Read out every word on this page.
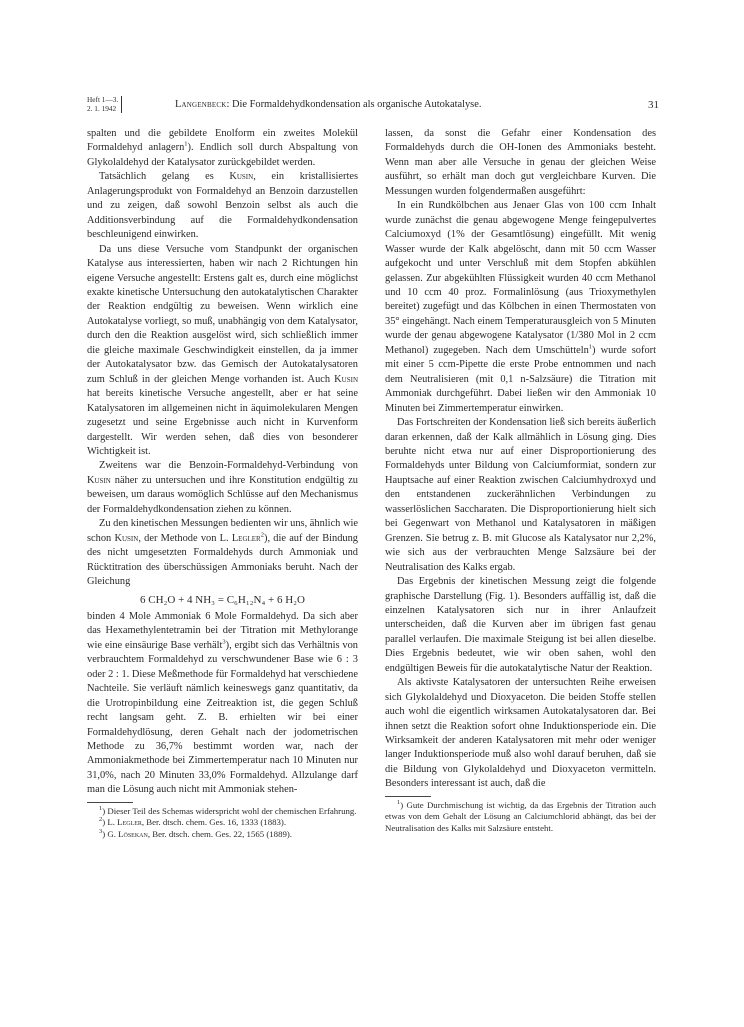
Heft 1—3.
2. 1. 1942	Langenbeck: Die Formaldehydkondensation als organische Autokatalyse.	31

spalten und die gebildete Enolform ein zweites Molekül Formaldehyd anlagern$^1$). Endlich soll durch Abspaltung von Glykolaldehyd der Katalysator zurückgebildet werden.

Tatsächlich gelang es Kusin, ein kristallisiertes Anlagerungsprodukt von Formaldehyd an Benzoin darzustellen und zu zeigen, daß sowohl Benzoin selbst als auch die Additionsverbindung auf die Formaldehydkondensation beschleunigend einwirken.

Da uns diese Versuche vom Standpunkt der organischen Katalyse aus interessierten, haben wir nach 2 Richtungen hin eigene Versuche angestellt: Erstens galt es, durch eine möglichst exakte kinetische Untersuchung den autokatalytischen Charakter der Reaktion endgültig zu beweisen. Wenn wirklich eine Autokatalyse vorliegt, so muß, unabhängig von dem Katalysator, durch den die Reaktion ausgelöst wird, sich schließlich immer die gleiche maximale Geschwindigkeit einstellen, da ja immer der Autokatalysator bzw. das Gemisch der Autokatalysatoren zum Schluß in der gleichen Menge vorhanden ist. Auch Kusin hat bereits kinetische Versuche angestellt, aber er hat seine Katalysatoren im allgemeinen nicht in äquimolekularen Mengen zugesetzt und seine Ergebnisse auch nicht in Kurvenform dargestellt. Wir werden sehen, daß dies von besonderer Wichtigkeit ist.

Zweitens war die Benzoin-Formaldehyd-Verbindung von Kusin näher zu untersuchen und ihre Konstitution endgültig zu beweisen, um daraus womöglich Schlüsse auf den Mechanismus der Formaldehydkondensation ziehen zu können.

Zu den kinetischen Messungen bedienten wir uns, ähnlich wie schon Kusin, der Methode von L. Legler$^2$), die auf der Bindung des nicht umgesetzten Formaldehyds durch Ammoniak und Rücktitration des überschüssigen Ammoniaks beruht. Nach der Gleichung

6 CH₂O + 4 NH₃ = C₆H₁₂N₄ + 6 H₂O

binden 4 Mole Ammoniak 6 Mole Formaldehyd. Da sich aber das Hexamethylentetramin bei der Titration mit Methylorange wie eine einsäurige Base verhält$^3$), ergibt sich das Verhältnis von verbrauchtem Formaldehyd zu verschwundener Base wie 6 : 3 oder 2 : 1. Diese Meßmethode für Formaldehyd hat verschiedene Nachteile. Sie verläuft nämlich keineswegs ganz quantitativ, da die Urotropinbildung eine Zeitreaktion ist, die gegen Schluß recht langsam geht. Z. B. erhielten wir bei einer Formaldehydlösung, deren Gehalt nach der jodometrischen Methode zu 36,7% bestimmt worden war, nach der Ammoniakmethode bei Zimmertemperatur nach 10 Minuten nur 31,0%, nach 20 Minuten 33,0% Formaldehyd. Allzulange darf man die Lösung auch nicht mit Ammoniak stehen-

$^1$) Dieser Teil des Schemas widerspricht wohl der chemischen Erfahrung.

$^2$) L. Legler, Ber. dtsch. chem. Ges. 16, 1333 (1883).

$^3$) G. Lösekan, Ber. dtsch. chem. Ges. 22, 1565 (1889).

lassen, da sonst die Gefahr einer Kondensation des Formaldehyds durch die OH-Ionen des Ammoniaks besteht. Wenn man aber alle Versuche in genau der gleichen Weise ausführt, so erhält man doch gut vergleichbare Kurven. Die Messungen wurden folgendermaßen ausgeführt:

In ein Rundkölbchen aus Jenaer Glas von 100 ccm Inhalt wurde zunächst die genau abgewogene Menge feingepulvertes Calciumoxyd (1% der Gesamtlösung) eingefüllt. Mit wenig Wasser wurde der Kalk abgelöscht, dann mit 50 ccm Wasser aufgekocht und unter Verschluß mit dem Stopfen abkühlen gelassen. Zur abgekühlten Flüssigkeit wurden 40 ccm Methanol und 10 ccm 40 proz. Formalinlösung (aus Trioxymethylen bereitet) zugefügt und das Kölbchen in einen Thermostaten von 35° eingehängt. Nach einem Temperaturausgleich von 5 Minuten wurde der genau abgewogene Katalysator (1/380 Mol in 2 ccm Methanol) zugegeben. Nach dem Umschütteln$^1$) wurde sofort mit einer 5 ccm-Pipette die erste Probe entnommen und nach dem Neutralisieren (mit 0,1 n-Salzsäure) die Titration mit Ammoniak durchgeführt. Dabei ließen wir den Ammoniak 10 Minuten bei Zimmertemperatur einwirken.

Das Fortschreiten der Kondensation ließ sich bereits äußerlich daran erkennen, daß der Kalk allmählich in Lösung ging. Dies beruhte nicht etwa nur auf einer Disproportionierung des Formaldehyds unter Bildung von Calciumformiat, sondern zur Hauptsache auf einer Reaktion zwischen Calciumhydroxyd und den entstandenen zuckerähnlichen Verbindungen zu wasserlöslichen Saccharaten. Die Disproportionierung hielt sich bei Gegenwart von Methanol und Katalysatoren in mäßigen Grenzen. Sie betrug z. B. mit Glucose als Katalysator nur 2,2%, wie sich aus der verbrauchten Menge Salzsäure bei der Neutralisation des Kalks ergab.

Das Ergebnis der kinetischen Messung zeigt die folgende graphische Darstellung (Fig. 1). Besonders auffällig ist, daß die einzelnen Katalysatoren sich nur in ihrer Anlaufzeit unterscheiden, daß die Kurven aber im übrigen fast genau parallel verlaufen. Die maximale Steigung ist bei allen dieselbe. Dies Ergebnis bedeutet, wie wir oben sahen, wohl den endgültigen Beweis für die autokatalytische Natur der Reaktion.

Als aktivste Katalysatoren der untersuchten Reihe erweisen sich Glykolaldehyd und Dioxyaceton. Die beiden Stoffe stellen auch wohl die eigentlich wirksamen Autokatalysatoren dar. Bei ihnen setzt die Reaktion sofort ohne Induktionsperiode ein. Die Wirksamkeit der anderen Katalysatoren mit mehr oder weniger langer Induktionsperiode muß also wohl darauf beruhen, daß sie die Bildung von Glykolaldehyd und Dioxyaceton vermitteln. Besonders interessant ist auch, daß die

$^1$) Gute Durchmischung ist wichtig, da das Ergebnis der Titration auch etwas von dem Gehalt der Lösung an Calciumchlorid abhängt, das bei der Neutralisation des Kalks mit Salzsäure entsteht.
